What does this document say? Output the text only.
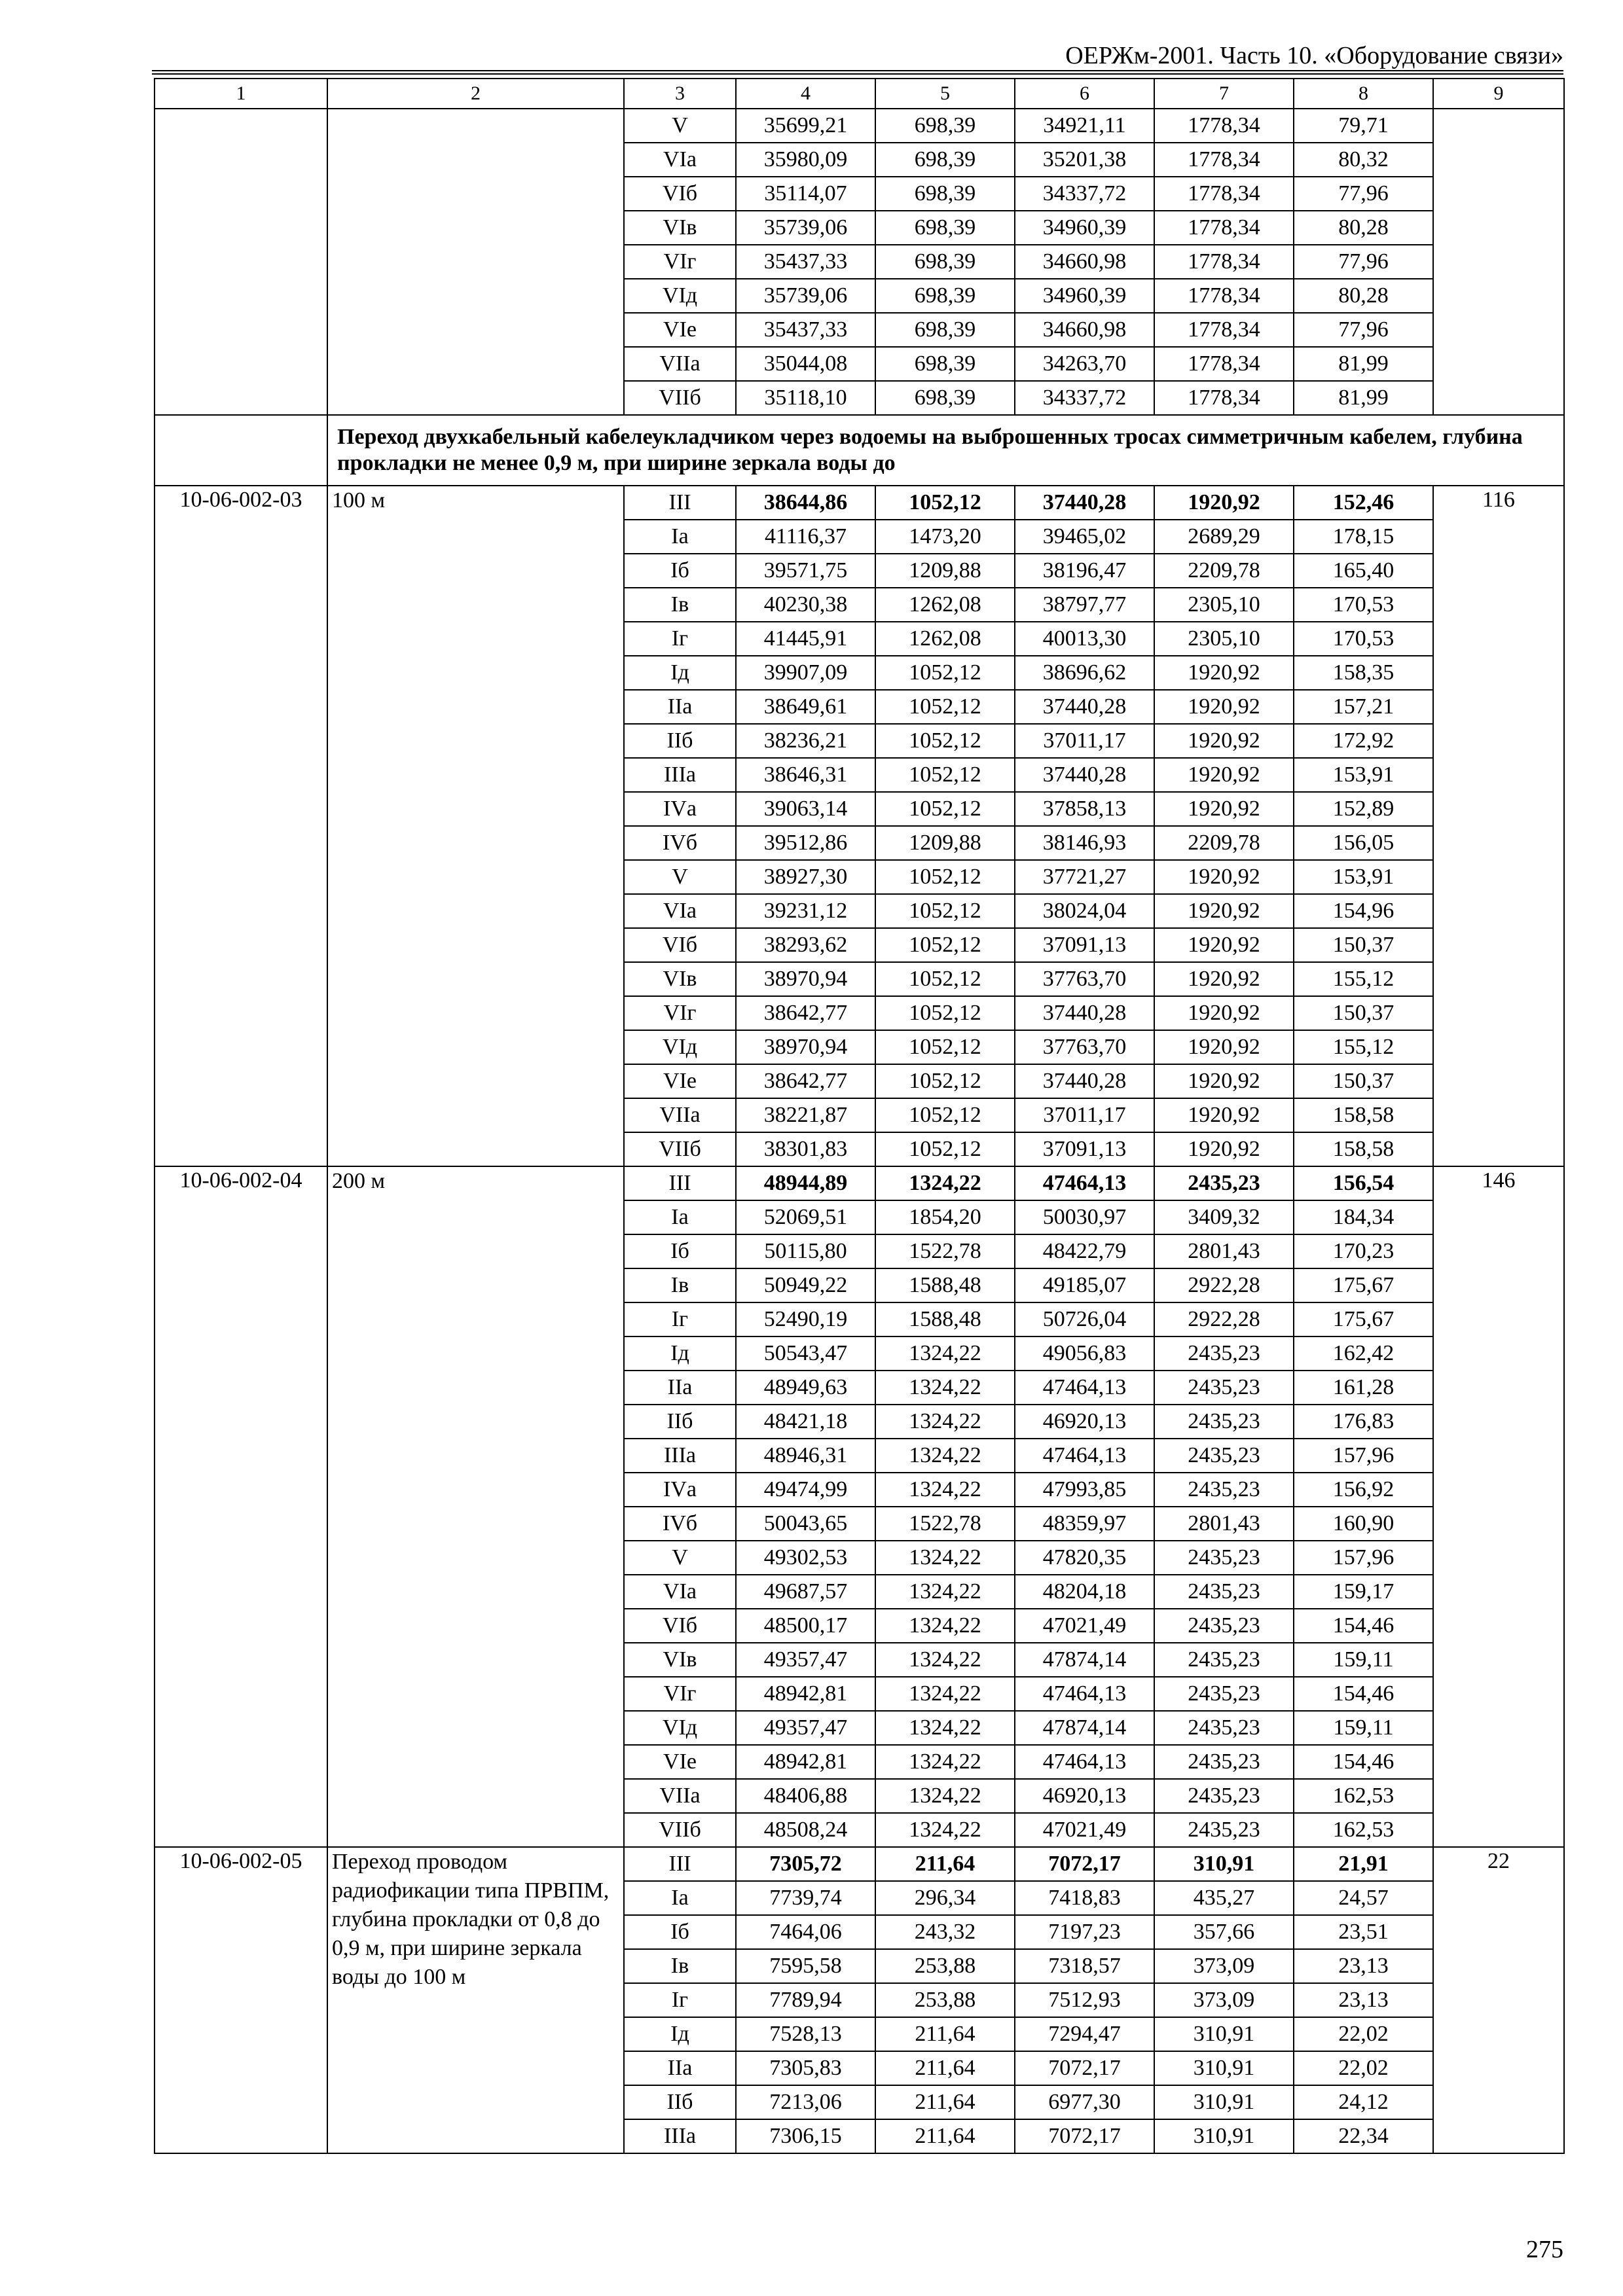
ОЕРЖм-2001. Часть 10. «Оборудование связи»
1	2	3	4	5	6	7	8	9
		V	35699,21	698,39	34921,11	1778,34	79,71	
		VIа	35980,09	698,39	35201,38	1778,34	80,32	
		VIб	35114,07	698,39	34337,72	1778,34	77,96	
		VIв	35739,06	698,39	34960,39	1778,34	80,28	
		VIг	35437,33	698,39	34660,98	1778,34	77,96	
		VIд	35739,06	698,39	34960,39	1778,34	80,28	
		VIе	35437,33	698,39	34660,98	1778,34	77,96	
		VIIа	35044,08	698,39	34263,70	1778,34	81,99	
		VIIб	35118,10	698,39	34337,72	1778,34	81,99	
	Переход двухкабельный кабелеукладчиком через водоемы на выброшенных тросах симметричным кабелем, глубина прокладки не менее 0,9 м, при ширине зеркала воды до							
10-06-002-03	100 м	III	38644,86	1052,12	37440,28	1920,92	152,46	116
		Iа	41116,37	1473,20	39465,02	2689,29	178,15	
		Iб	39571,75	1209,88	38196,47	2209,78	165,40	
		Iв	40230,38	1262,08	38797,77	2305,10	170,53	
		Iг	41445,91	1262,08	40013,30	2305,10	170,53	
		Iд	39907,09	1052,12	38696,62	1920,92	158,35	
		IIа	38649,61	1052,12	37440,28	1920,92	157,21	
		IIб	38236,21	1052,12	37011,17	1920,92	172,92	
		IIIа	38646,31	1052,12	37440,28	1920,92	153,91	
		IVа	39063,14	1052,12	37858,13	1920,92	152,89	
		IVб	39512,86	1209,88	38146,93	2209,78	156,05	
		V	38927,30	1052,12	37721,27	1920,92	153,91	
		VIа	39231,12	1052,12	38024,04	1920,92	154,96	
		VIб	38293,62	1052,12	37091,13	1920,92	150,37	
		VIв	38970,94	1052,12	37763,70	1920,92	155,12	
		VIг	38642,77	1052,12	37440,28	1920,92	150,37	
		VIд	38970,94	1052,12	37763,70	1920,92	155,12	
		VIе	38642,77	1052,12	37440,28	1920,92	150,37	
		VIIа	38221,87	1052,12	37011,17	1920,92	158,58	
		VIIб	38301,83	1052,12	37091,13	1920,92	158,58	
10-06-002-04	200 м	III	48944,89	1324,22	47464,13	2435,23	156,54	146
		Iа	52069,51	1854,20	50030,97	3409,32	184,34	
		Iб	50115,80	1522,78	48422,79	2801,43	170,23	
		Iв	50949,22	1588,48	49185,07	2922,28	175,67	
		Iг	52490,19	1588,48	50726,04	2922,28	175,67	
		Iд	50543,47	1324,22	49056,83	2435,23	162,42	
		IIа	48949,63	1324,22	47464,13	2435,23	161,28	
		IIб	48421,18	1324,22	46920,13	2435,23	176,83	
		IIIа	48946,31	1324,22	47464,13	2435,23	157,96	
		IVа	49474,99	1324,22	47993,85	2435,23	156,92	
		IVб	50043,65	1522,78	48359,97	2801,43	160,90	
		V	49302,53	1324,22	47820,35	2435,23	157,96	
		VIа	49687,57	1324,22	48204,18	2435,23	159,17	
		VIб	48500,17	1324,22	47021,49	2435,23	154,46	
		VIв	49357,47	1324,22	47874,14	2435,23	159,11	
		VIг	48942,81	1324,22	47464,13	2435,23	154,46	
		VIд	49357,47	1324,22	47874,14	2435,23	159,11	
		VIе	48942,81	1324,22	47464,13	2435,23	154,46	
		VIIа	48406,88	1324,22	46920,13	2435,23	162,53	
		VIIб	48508,24	1324,22	47021,49	2435,23	162,53	
10-06-002-05	Переход проводом радиофикации типа ПРВПМ, глубина прокладки от 0,8 до 0,9 м, при ширине зеркала воды до 100 м	III	7305,72	211,64	7072,17	310,91	21,91	22
		Iа	7739,74	296,34	7418,83	435,27	24,57	
		Iб	7464,06	243,32	7197,23	357,66	23,51	
		Iв	7595,58	253,88	7318,57	373,09	23,13	
		Iг	7789,94	253,88	7512,93	373,09	23,13	
		Iд	7528,13	211,64	7294,47	310,91	22,02	
		IIа	7305,83	211,64	7072,17	310,91	22,02	
		IIб	7213,06	211,64	6977,30	310,91	24,12	
		IIIа	7306,15	211,64	7072,17	310,91	22,34	
275
